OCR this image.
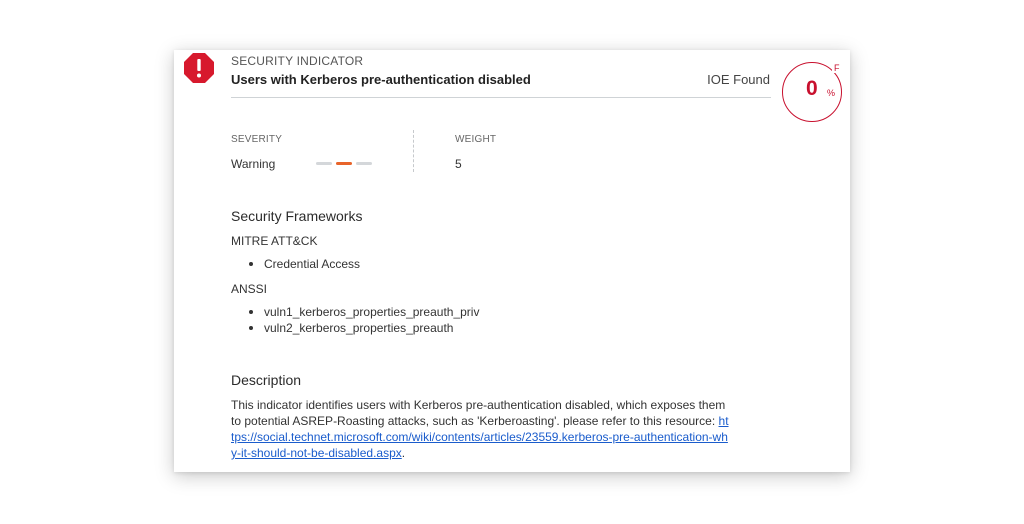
SECURITY INDICATOR
Users with Kerberos pre-authentication disabled	IOE Found 0 %
F
SEVERITY
Warning
WEIGHT
5
Security Frameworks
MITRE ATT&CK
Credential Access
ANSSI
vuln1_kerberos_properties_preauth_priv
vuln2_kerberos_properties_preauth
Description
This indicator identifies users with Kerberos pre-authentication disabled, which exposes them to potential ASREP-Roasting attacks, such as 'Kerberoasting'. please refer to this resource: https://social.technet.microsoft.com/wiki/contents/articles/23559.kerberos-pre-authentication-why-it-should-not-be-disabled.aspx.
